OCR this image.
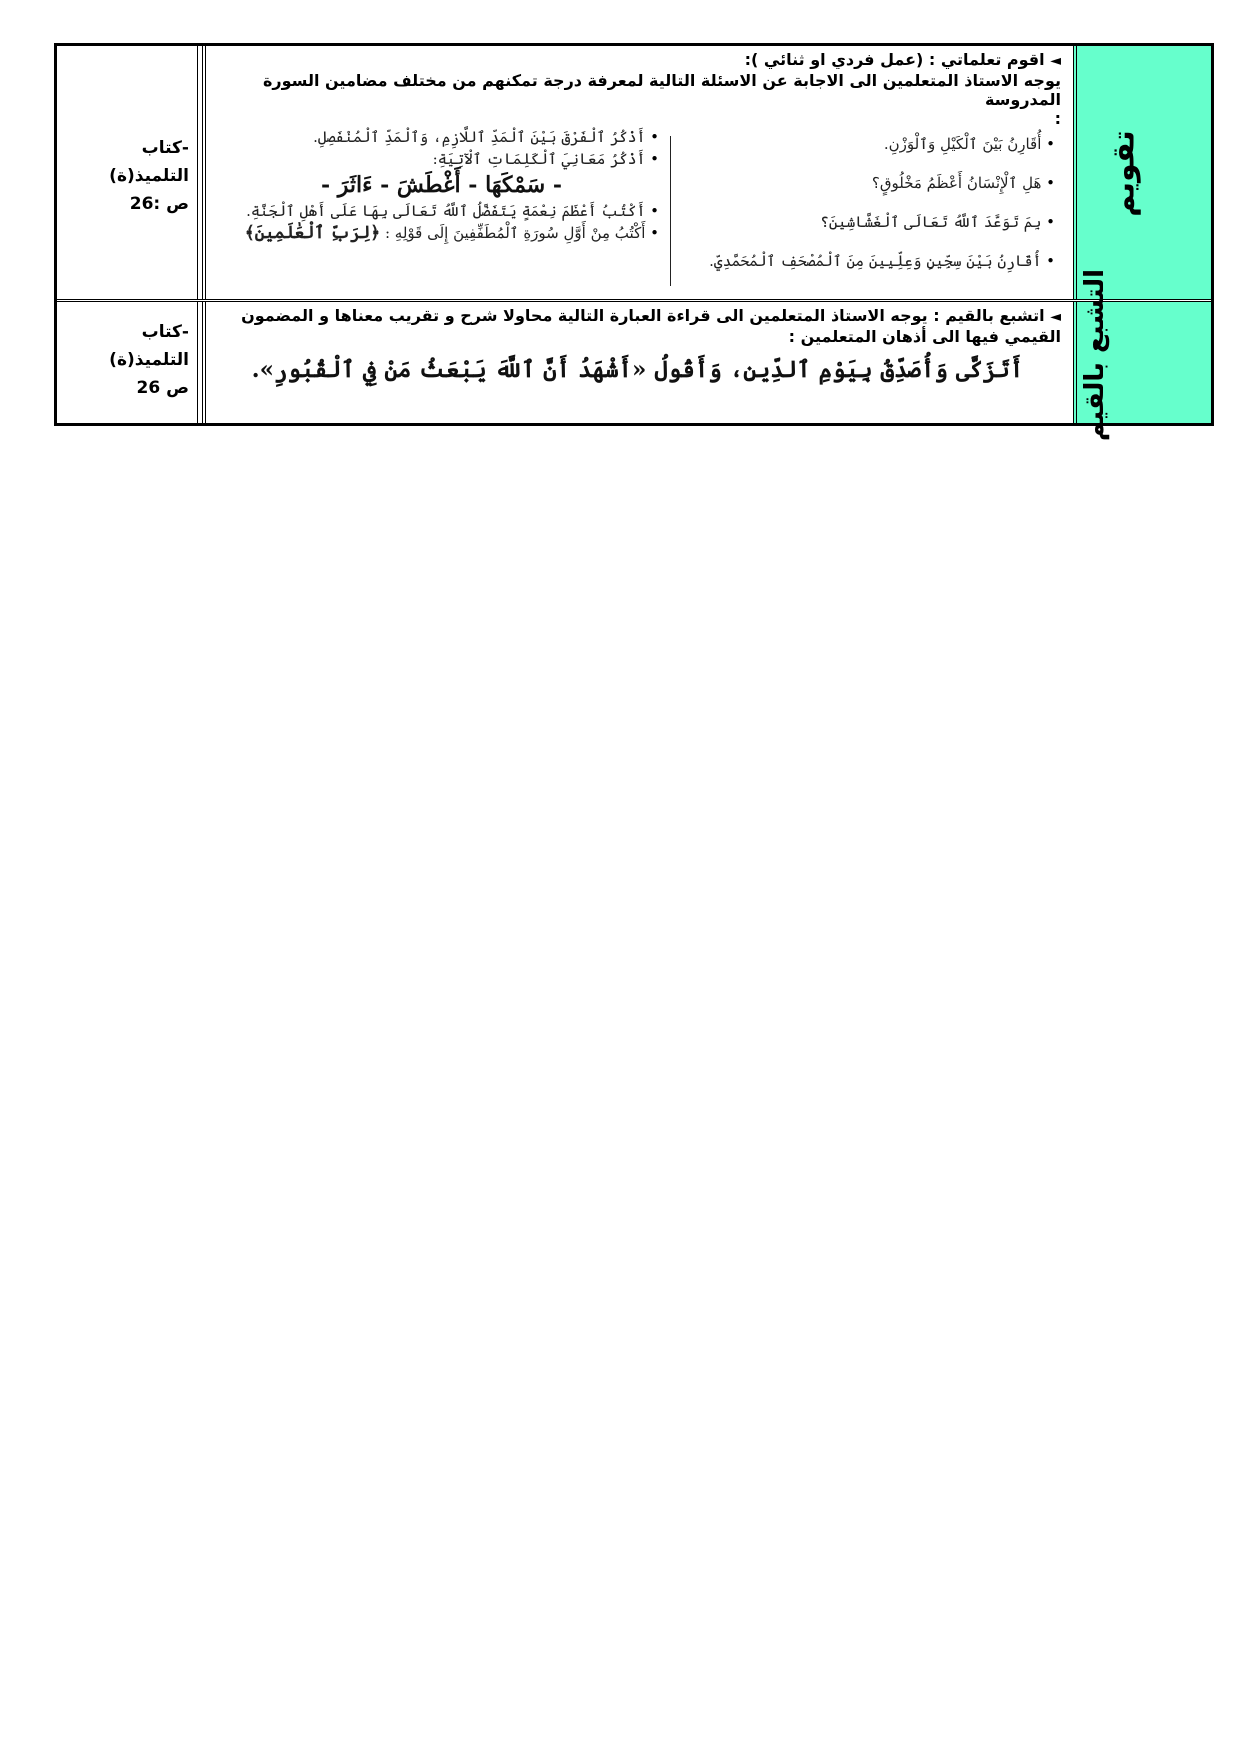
تقويم

◄ اقوم تعلماتي : (عمل فردي او ثنائي ):

يوجه الاستاذ المتعلمين الى الاجابة عن الاسئلة التالية لمعرفة درجة تمكنهم من مختلف مضامين السورة المدروسة

:

• أُقَارِنُ بَيْنَ ٱلْكَيْلِ وَٱلْوَزْنِ.

• هَلِ ٱلْإِنْسَانُ أَعْظَمُ مَخْلُوقٍ؟

• بِمَ تَوَعَّدَ ٱللَّهُ تَعَالَى ٱلْغَشَّاشِينَ؟

• أُقَارِنُ بَيْنَ سِجِّينٍ وَعِلِّيِينَ مِنَ ٱلْمُصْحَفِ ٱلْمُحَمَّدِيِّ.

• أَذْكُرُ ٱلْفَرْقَ بَيْنَ ٱلْمَدِّ ٱللَّازِمِ، وَٱلْمَدِّ ٱلْمُنْفَصِلِ.

• أَذْكُرُ مَعَانِيَ ٱلْكَلِمَاتِ ٱلْآتِيَةِ:

- سَمْكَهَا - أَغْطَشَ - ءَاثَرَ -

• أَكْتُبُ أَعْظَمَ نِعْمَةٍ يَتَفَضَّلُ ٱللَّهُ تَعَالَى بِهَا عَلَى أَهْلِ ٱلْجَنَّةِ.

• أَكْتُبُ مِنْ أَوَّلِ سُورَةِ ٱلْمُطَفِّفِينَ إِلَى قَوْلِهِ : ﴿لِرَبِّ ٱلْعَٰلَمِينَ﴾

-كتاب التلميذ(ة)
ص :26
التشبع بالقيم

◄ اتشبع بالقيم : يوجه الاستاذ المتعلمين الى قراءة العبارة التالية محاولا شرح و تقريب معناها و المضمون القيمي فيها الى أذهان المتعلمين :

أَتَزَكَّى وَأُصَدِّقُ بِيَوْمِ ٱلدِّينِ، وَأَقُولُ «أَشْهَدُ أَنَّ ٱللَّهَ يَبْعَثُ مَنْ فِي ٱلْقُبُورِ».
-كتاب التلميذ(ة)
ص 26
